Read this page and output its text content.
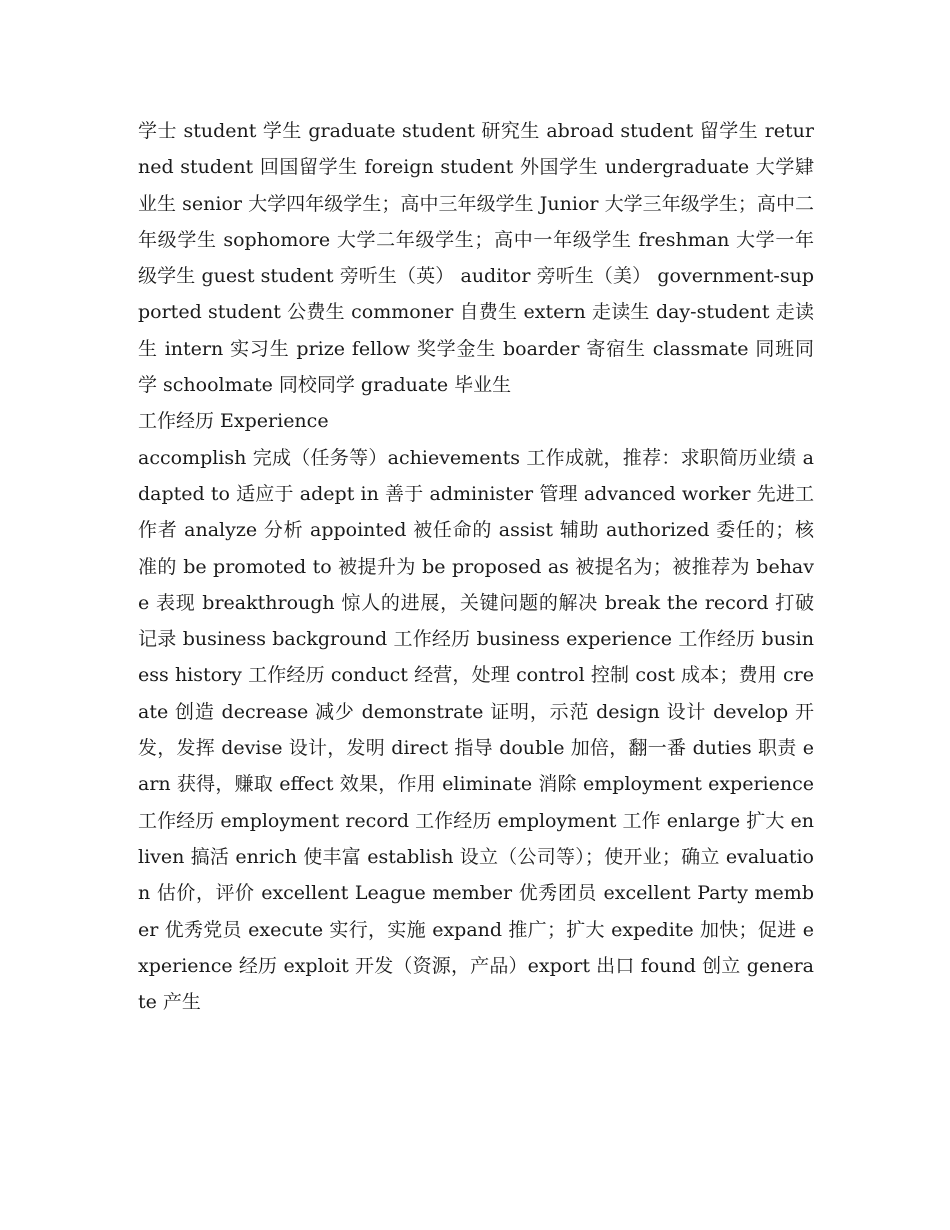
学士 student 学生 graduate student 研究生 abroad student 留学生 returned student 回国留学生 foreign student 外国学生 undergraduate 大学肄业生 senior 大学四年级学生；高中三年级学生 Junior 大学三年级学生；高中二年级学生 sophomore 大学二年级学生；高中一年级学生 freshman 大学一年级学生 guest student 旁听生（英） auditor 旁听生（美） government-supported student 公费生 commoner 自费生 extern 走读生 day-student 走读生 intern 实习生 prize fellow 奖学金生 boarder 寄宿生 classmate 同班同学 schoolmate 同校同学 graduate 毕业生

工作经历 Experience

accomplish 完成（任务等）achievements 工作成就，推荐：求职简历业绩 adapted to 适应于 adept in 善于 administer 管理 advanced worker 先进工作者 analyze 分析 appointed 被任命的 assist 辅助 authorized 委任的；核准的 be promoted to 被提升为 be proposed as 被提名为；被推荐为 behave 表现 breakthrough 惊人的进展，关键问题的解决 break the record 打破记录 business background 工作经历 business experience 工作经历 business history 工作经历 conduct 经营，处理 control 控制 cost 成本；费用 create 创造 decrease 减少 demonstrate 证明，示范 design 设计 develop 开发，发挥 devise 设计，发明 direct 指导 double 加倍，翻一番 duties 职责 earn 获得，赚取 effect 效果，作用 eliminate 消除 employment experience 工作经历 employment record 工作经历 employment 工作 enlarge 扩大 enliven 搞活 enrich 使丰富 establish 设立（公司等）；使开业；确立 evaluation 估价，评价 excellent League member 优秀团员 excellent Party member 优秀党员 execute 实行，实施 expand 推广；扩大 expedite 加快；促进 experience 经历 exploit 开发（资源，产品）export 出口 found 创立 generate 产生
